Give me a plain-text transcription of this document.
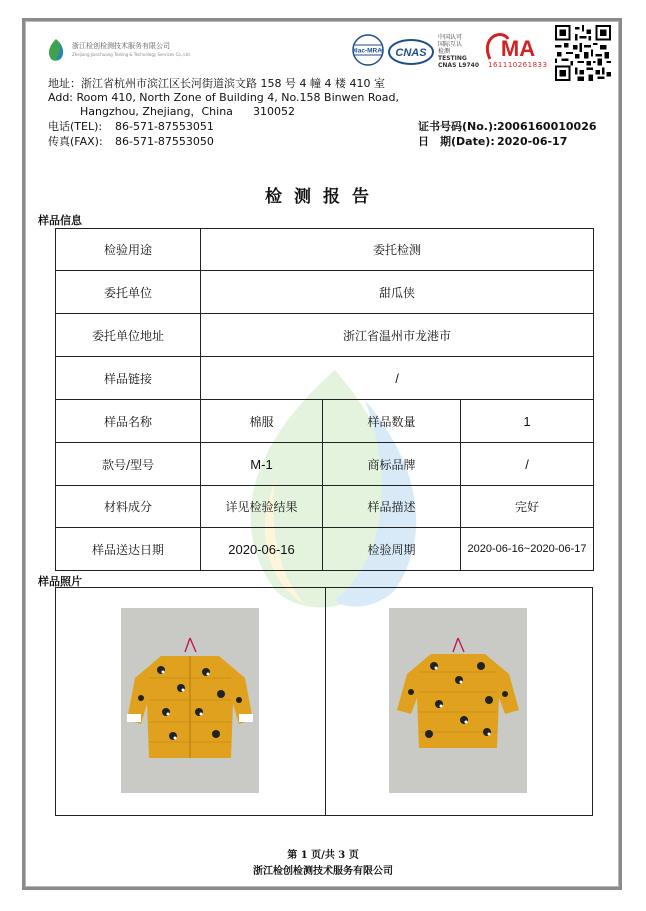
浙江检创检测技术服务有限公司
Zhejiang Jianchuang Testing & Technology Services Co.,Ltd.	ilac-MRA CNAS
中国认可
国际互认
检测
TESTING
CNAS L9740
MA
161110261833
地址：浙江省杭州市滨江区长河街道滨文路 158 号 4 幢 4 楼 410 室
Add: Room 410, North Zone of Building 4, No.158 Binwen Road,
Hangzhou, Zhejiang，China 310052
电话(TEL): 86-571-87553051
传真(FAX): 86-571-87553050
证书号码(No.): 2006160010026
日　期(Date): 2020-06-17
检测报告
样品信息
检验用途	委托检测		
委托单位	甜瓜侠		
委托单位地址	浙江省温州市龙港市		
样品链接	/		
样品名称	棉服	样品数量	1
款号/型号	M-1	商标品牌	/
材料成分	详见检验结果	样品描述	完好
样品送达日期	2020-06-16	检验周期	2020-06-16~2020-06-17
样品照片
第 1 页/共 3 页
浙江检创检测技术服务有限公司
